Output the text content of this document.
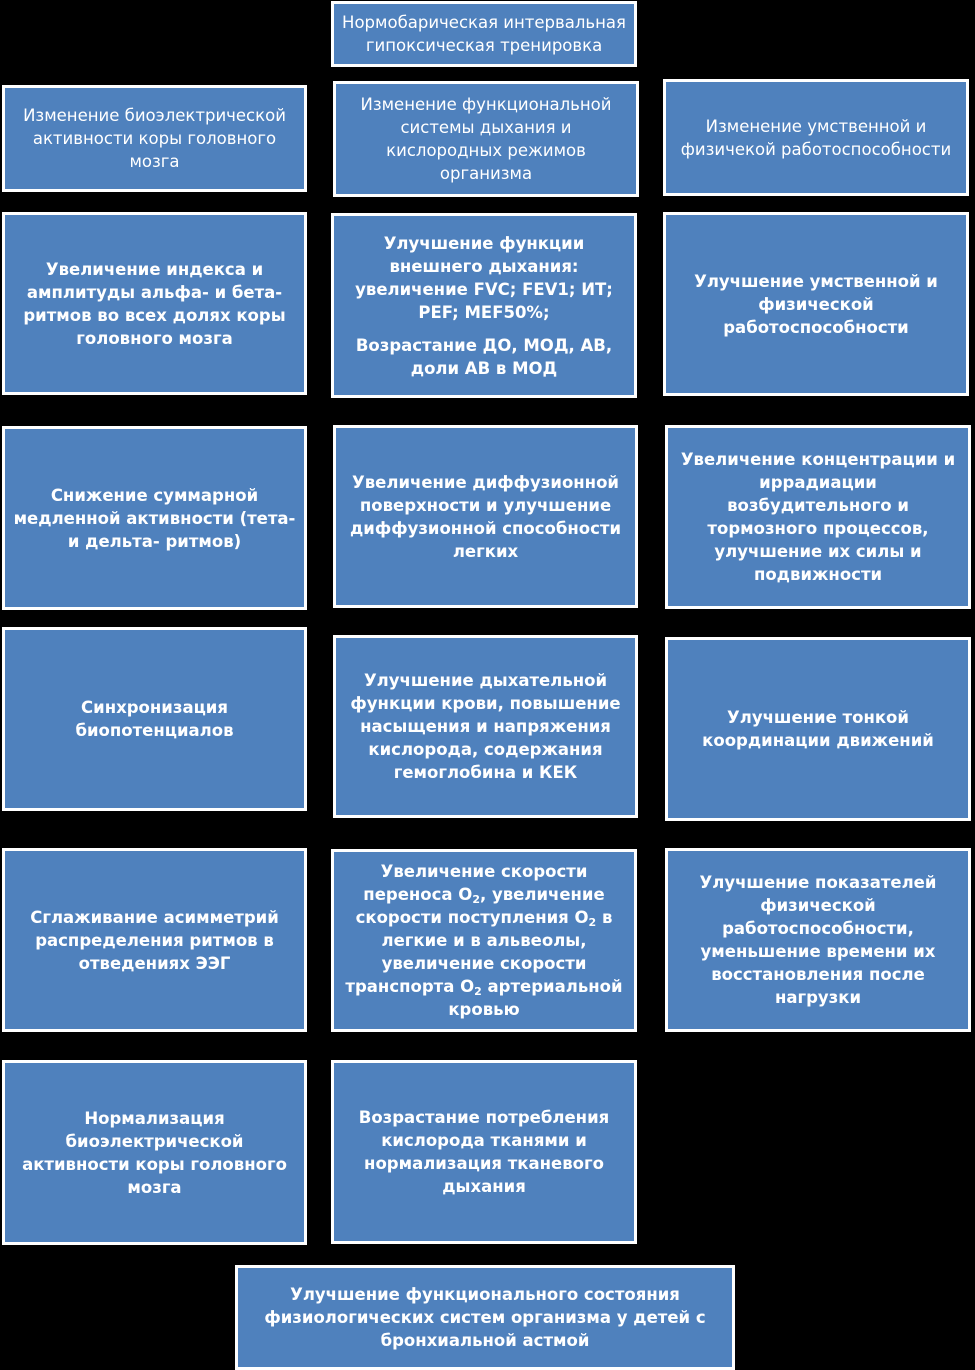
Нормобарическая интервальная гипоксическая тренировка
Изменение биоэлектрической активности коры головного мозга
Изменение функциональной системы дыхания и кислородных режимов организма
Изменение умственной и физичекой работоспособности
Увеличение индекса и амплитуды альфа- и бета-ритмов во всех долях коры головного мозга
Снижение суммарной медленной активности (тета- и дельта- ритмов)
Синхронизация биопотенциалов
Сглаживание асимметрий распределения ритмов в отведениях ЭЭГ
Нормализация биоэлектрической активности коры головного мозга
Улучшение функции внешнего дыхания: увеличение FVC; FEV1; ИТ; PEF; MEF50%;
Возрастание ДО, МОД, АВ, доли АВ в МОД
Увеличение диффузионной поверхности и улучшение диффузионной способности легких
Улучшение дыхательной функции крови, повышение насыщения и напряжения кислорода, содержания гемоглобина и КЕК
Увеличение скорости переноса $О_2$, увеличение скорости поступления $О_2$ в легкие и в альвеолы, увеличение скорости транспорта $О_2$ артериальной кровью
Возрастание потребления кислорода тканями и нормализация тканевого дыхания
Улучшение умственной и физической работоспособности
Увеличение концентрации и иррадиации возбудительного и тормозного процессов, улучшение их силы и подвижности
Улучшение тонкой координации движений
Улучшение показателей физической работоспособности, уменьшение времени их восстановления после нагрузки
Улучшение функционального состояния физиологических систем организма у детей с бронхиальной астмой
